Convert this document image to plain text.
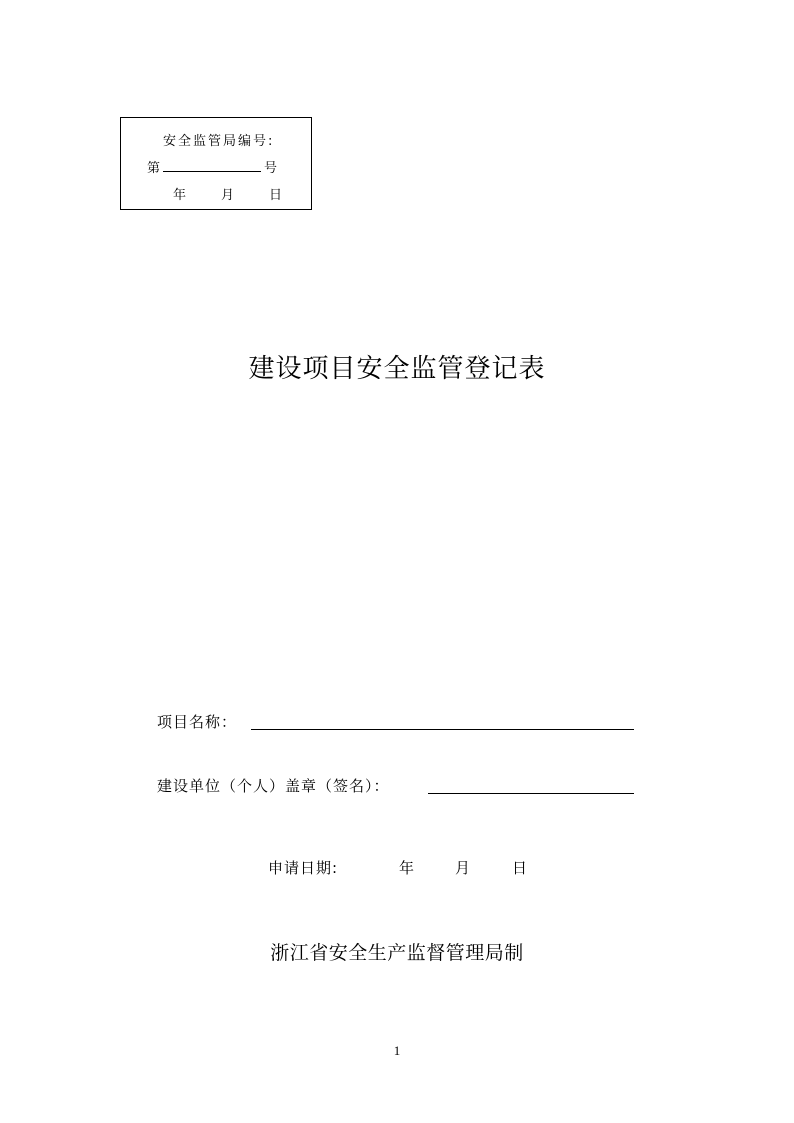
安全监管局编号:
第	号
年	月	日
建设项目安全监管登记表
项目名称：
建设单位（个人）盖章（签名）：
申请日期:	年	月	日
浙江省安全生产监督管理局制
1
